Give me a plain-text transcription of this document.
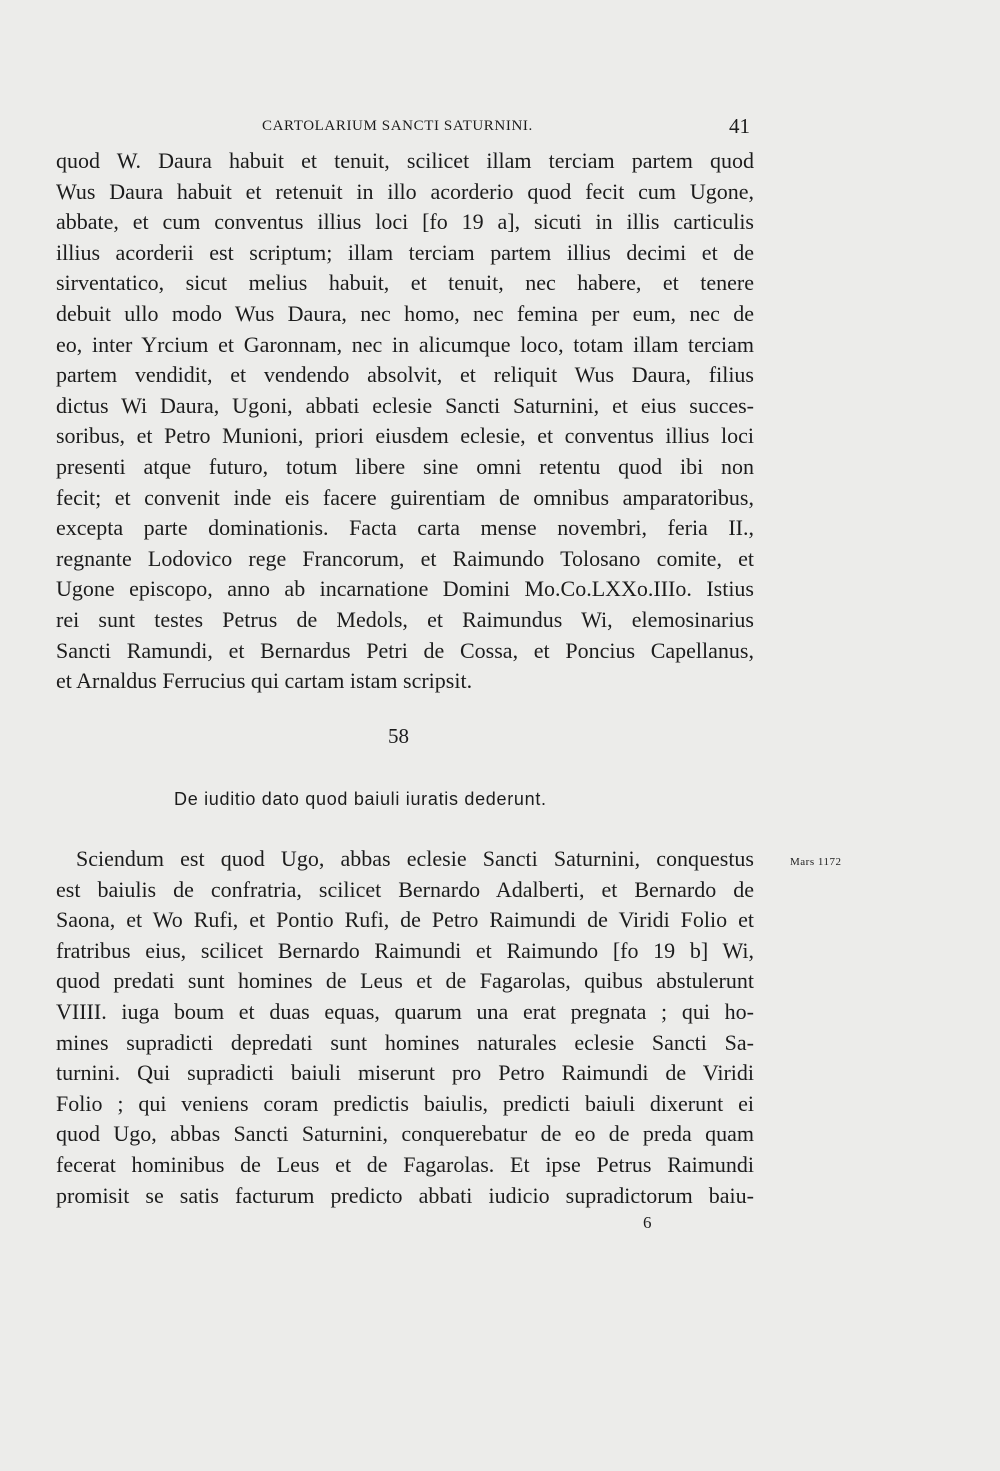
CARTOLARIUM SANCTI SATURNINI.	41
quod W. Daura habuit et tenuit, scilicet illam terciam partem quod
Wus Daura habuit et retenuit in illo acorderio quod fecit cum Ugone,
abbate, et cum conventus illius loci [fo 19 a], sicuti in illis carticulis
illius acorderii est scriptum; illam terciam partem illius decimi et de
sirventatico, sicut melius habuit, et tenuit, nec habere, et tenere
debuit ullo modo Wus Daura, nec homo, nec femina per eum, nec de
eo, inter Yrcium et Garonnam, nec in alicumque loco, totam illam terciam
partem vendidit, et vendendo absolvit, et reliquit Wus Daura, filius
dictus Wi Daura, Ugoni, abbati eclesie Sancti Saturnini, et eius succes-
soribus, et Petro Munioni, priori eiusdem eclesie, et conventus illius loci
presenti atque futuro, totum libere sine omni retentu quod ibi non
fecit; et convenit inde eis facere guirentiam de omnibus amparatoribus,
excepta parte dominationis. Facta carta mense novembri, feria II.,
regnante Lodovico rege Francorum, et Raimundo Tolosano comite, et
Ugone episcopo, anno ab incarnatione Domini Mo.Co.LXXo.IIIo. Istius
rei sunt testes Petrus de Medols, et Raimundus Wi, elemosinarius
Sancti Ramundi, et Bernardus Petri de Cossa, et Poncius Capellanus,
et Arnaldus Ferrucius qui cartam istam scripsit.
58
De iuditio dato quod baiuli iuratis dederunt.
Mars 1172
Sciendum est quod Ugo, abbas eclesie Sancti Saturnini, conquestus
est baiulis de confratria, scilicet Bernardo Adalberti, et Bernardo de
Saona, et Wo Rufi, et Pontio Rufi, de Petro Raimundi de Viridi Folio et
fratribus eius, scilicet Bernardo Raimundi et Raimundo [fo 19 b] Wi,
quod predati sunt homines de Leus et de Fagarolas, quibus abstulerunt
VIIII. iuga boum et duas equas, quarum una erat pregnata ; qui ho-
mines supradicti depredati sunt homines naturales eclesie Sancti Sa-
turnini. Qui supradicti baiuli miserunt pro Petro Raimundi de Viridi
Folio ; qui veniens coram predictis baiulis, predicti baiuli dixerunt ei
quod Ugo, abbas Sancti Saturnini, conquerebatur de eo de preda quam
fecerat hominibus de Leus et de Fagarolas. Et ipse Petrus Raimundi
promisit se satis facturum predicto abbati iudicio supradictorum baiu-
6
